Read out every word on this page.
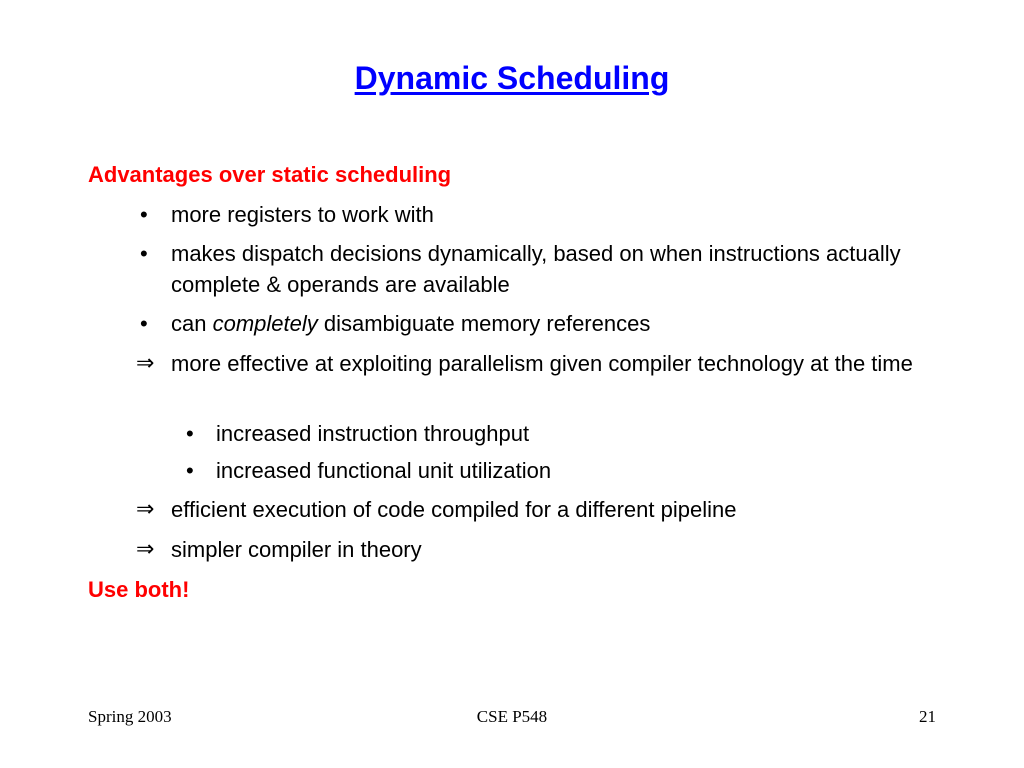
Dynamic Scheduling
Advantages over static scheduling
• more registers to work with
• makes dispatch decisions dynamically, based on when instructions actually complete & operands are available
• can completely disambiguate memory references
⇒ more effective at exploiting parallelism given compiler technology at the time
• increased instruction throughput
• increased functional unit utilization
⇒ efficient execution of code compiled for a different pipeline
⇒ simpler compiler in theory
Use both!
Spring 2003	CSE P548	21
